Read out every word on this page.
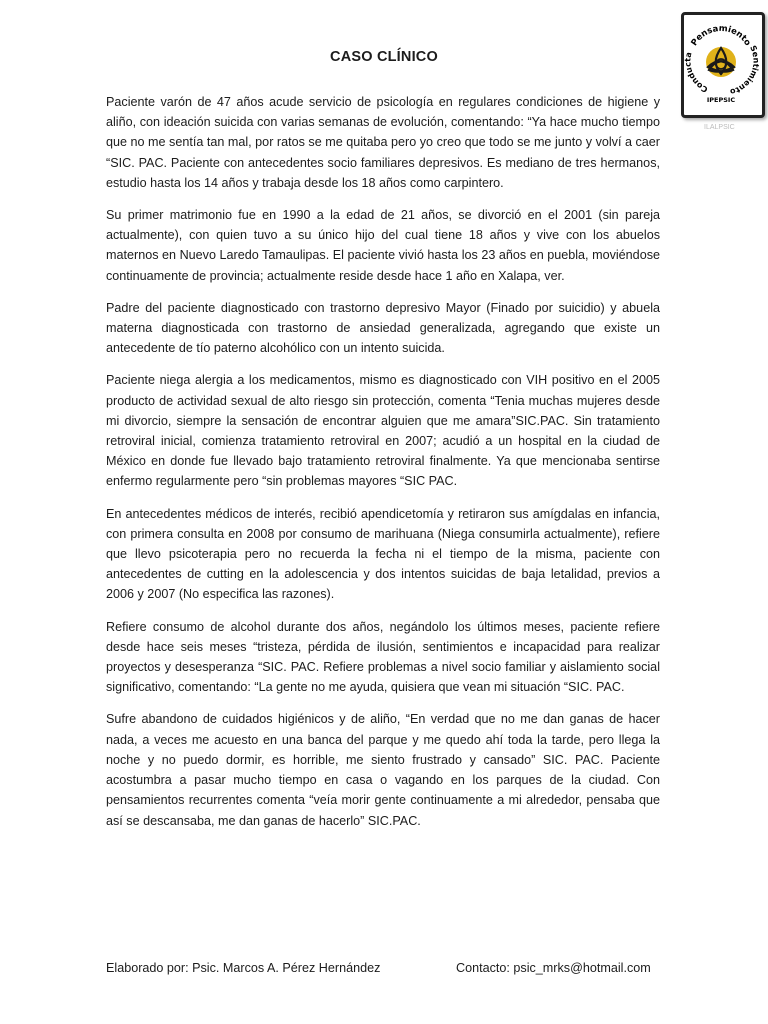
CASO CLÍNICO

Paciente varón de 47 años acude servicio de psicología en regulares condiciones de higiene y aliño, con ideación suicida con varias semanas de evolución, comentando: “Ya hace mucho tiempo que no me sentía tan mal, por ratos se me quitaba pero yo creo que todo se me junto y volví a caer “SIC. PAC. Paciente con antecedentes socio familiares depresivos. Es mediano de tres hermanos, estudio hasta los 14 años y trabaja desde los 18 años como carpintero.

Su primer matrimonio fue en 1990 a la edad de 21 años, se divorció en el 2001 (sin pareja actualmente), con quien tuvo a su único hijo del cual tiene 18 años y vive con los abuelos maternos en Nuevo Laredo Tamaulipas. El paciente vivió hasta los 23 años en puebla, moviéndose continuamente de provincia; actualmente reside desde hace 1 año en Xalapa, ver.

Padre del paciente diagnosticado con trastorno depresivo Mayor (Finado por suicidio) y abuela materna diagnosticada con trastorno de ansiedad generalizada, agregando que existe un antecedente de tío paterno alcohólico con un intento suicida.

Paciente niega alergia a los medicamentos, mismo es diagnosticado con VIH positivo en el 2005 producto de actividad sexual de alto riesgo sin protección, comenta “Tenia muchas mujeres desde mi divorcio, siempre la sensación de encontrar alguien que me amara”SIC.PAC. Sin tratamiento retroviral inicial, comienza tratamiento retroviral en 2007; acudió a un hospital en la ciudad de México en donde fue llevado bajo tratamiento retroviral finalmente. Ya que mencionaba sentirse enfermo regularmente pero “sin problemas mayores “SIC PAC.

En antecedentes médicos de interés, recibió apendicetomía y retiraron sus amígdalas en infancia, con primera consulta en 2008 por consumo de marihuana (Niega consumirla actualmente), refiere que llevo psicoterapia pero no recuerda la fecha ni el tiempo de la misma, paciente con antecedentes de cutting en la adolescencia y dos intentos suicidas de baja letalidad, previos a 2006 y 2007 (No especifica las razones).

Refiere consumo de alcohol durante dos años, negándolo los últimos meses, paciente refiere desde hace seis meses “tristeza, pérdida de ilusión, sentimientos e incapacidad para realizar proyectos y desesperanza “SIC. PAC. Refiere problemas a nivel socio familiar y aislamiento social significativo, comentando: “La gente no me ayuda, quisiera que vean mi situación “SIC. PAC.

Sufre abandono de cuidados higiénicos y de aliño, “En verdad que no me dan ganas de hacer nada, a veces me acuesto en una banca del parque y me quedo ahí toda la tarde, pero llega la noche y no puedo dormir, es horrible, me siento frustrado y cansado” SIC. PAC. Paciente acostumbra a pasar mucho tiempo en casa o vagando en los parques de la ciudad. Con pensamientos recurrentes comenta “veía morir gente continuamente a mi alrededor, pensaba que así se descansaba, me dan ganas de hacerlo” SIC.PAC.

Elaborado por: Psic. Marcos A. Pérez Hernández	Contacto: psic_mrks@hotmail.com
Pensamiento
Sentimiento
Conducta
IPEPSIC
ILALPSIC
